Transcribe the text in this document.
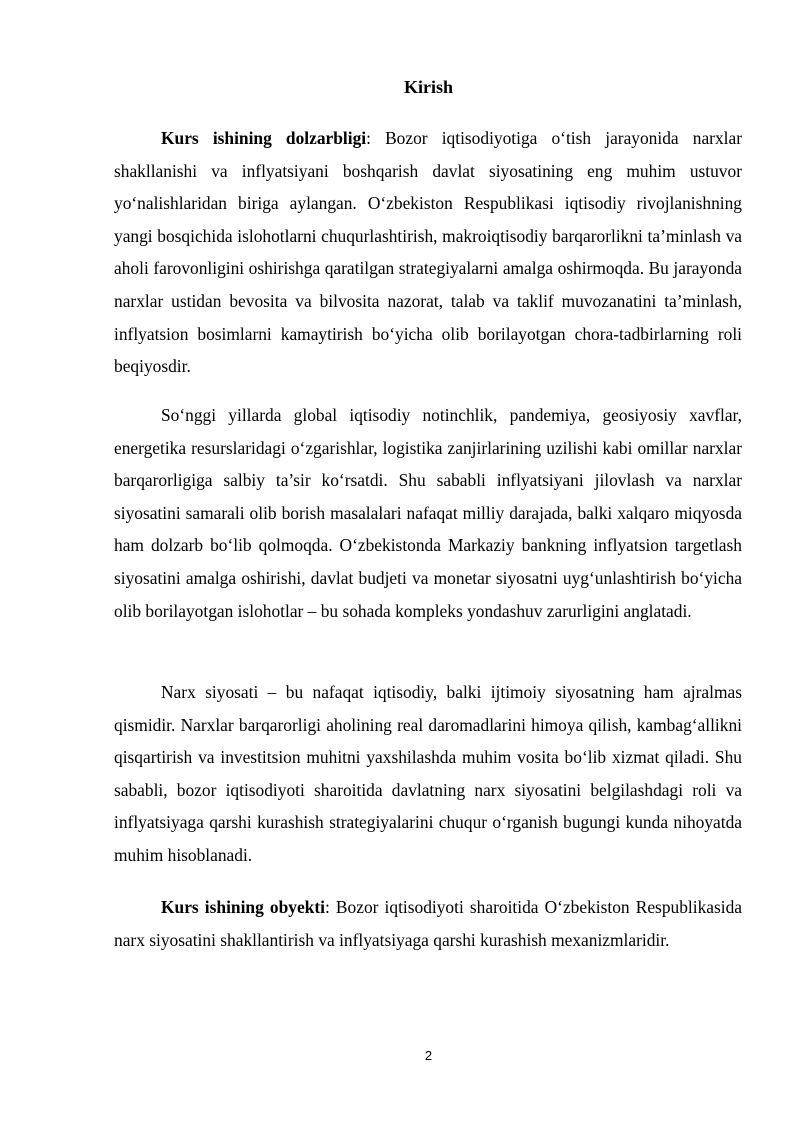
Kirish

Kurs ishining dolzarbligi: Bozor iqtisodiyotiga o‘tish jarayonida narxlar shakllanishi va inflyatsiyani boshqarish davlat siyosatining eng muhim ustuvor yo‘nalishlaridan biriga aylangan. O‘zbekiston Respublikasi iqtisodiy rivojlanishning yangi bosqichida islohotlarni chuqurlashtirish, makroiqtisodiy barqarorlikni ta’minlash va aholi farovonligini oshirishga qaratilgan strategiyalarni amalga oshirmoqda. Bu jarayonda narxlar ustidan bevosita va bilvosita nazorat, talab va taklif muvozanatini ta’minlash, inflyatsion bosimlarni kamaytirish bo‘yicha olib borilayotgan chora-tadbirlarning roli beqiyosdir.

So‘nggi yillarda global iqtisodiy notinchlik, pandemiya, geosiyosiy xavflar, energetika resurslaridagi o‘zgarishlar, logistika zanjirlarining uzilishi kabi omillar narxlar barqarorligiga salbiy ta’sir ko‘rsatdi. Shu sababli inflyatsiyani jilovlash va narxlar siyosatini samarali olib borish masalalari nafaqat milliy darajada, balki xalqaro miqyosda ham dolzarb bo‘lib qolmoqda. O‘zbekistonda Markaziy bankning inflyatsion targetlash siyosatini amalga oshirishi, davlat budjeti va monetar siyosatni uyg‘unlashtirish bo‘yicha olib borilayotgan islohotlar – bu sohada kompleks yondashuv zarurligini anglatadi.

Narx siyosati – bu nafaqat iqtisodiy, balki ijtimoiy siyosatning ham ajralmas qismidir. Narxlar barqarorligi aholining real daromadlarini himoya qilish, kambag‘allikni qisqartirish va investitsion muhitni yaxshilashda muhim vosita bo‘lib xizmat qiladi. Shu sababli, bozor iqtisodiyoti sharoitida davlatning narx siyosatini belgilashdagi roli va inflyatsiyaga qarshi kurashish strategiyalarini chuqur o‘rganish bugungi kunda nihoyatda muhim hisoblanadi.

Kurs ishining obyekti: Bozor iqtisodiyoti sharoitida O‘zbekiston Respublikasida narx siyosatini shakllantirish va inflyatsiyaga qarshi kurashish mexanizmlaridir.

2
